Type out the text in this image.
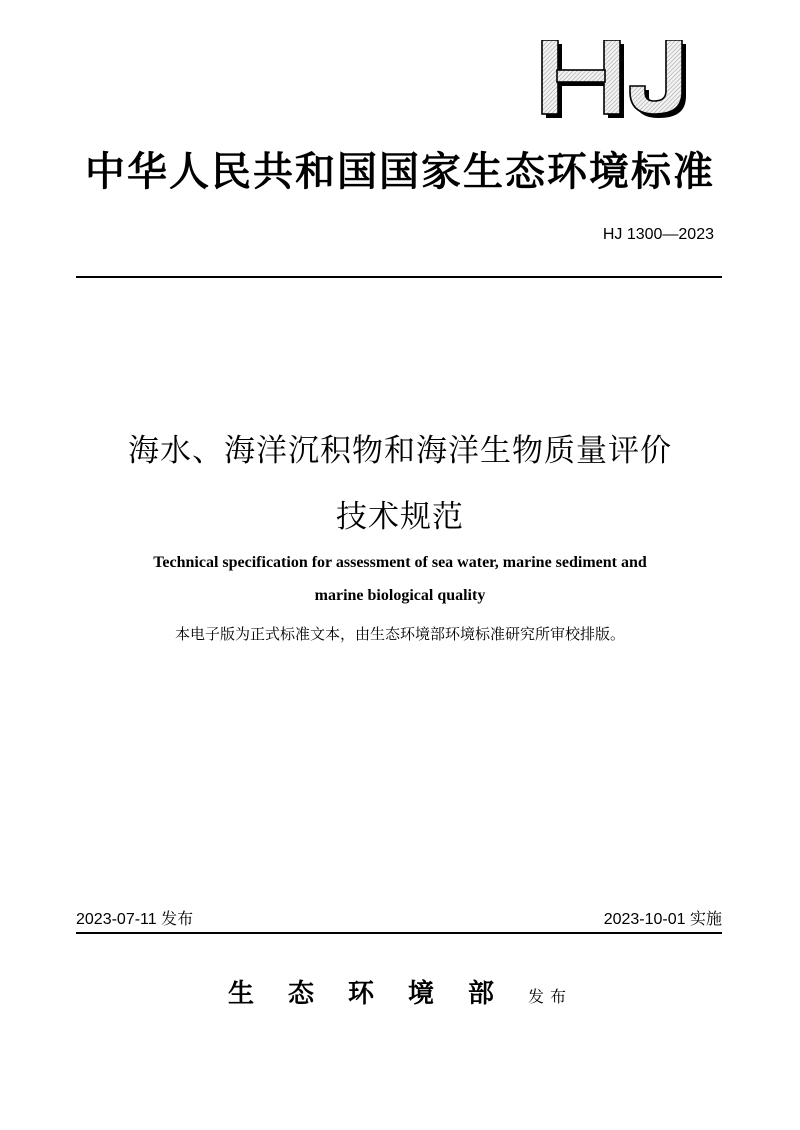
中华人民共和国国家生态环境标准
HJ 1300—2023
海水、海洋沉积物和海洋生物质量评价
技术规范
Technical specification for assessment of sea water, marine sediment and
marine biological quality
本电子版为正式标准文本，由生态环境部环境标准研究所审校排版。
2023-07-11 发布	2023-10-01 实施
生态环境部发布
